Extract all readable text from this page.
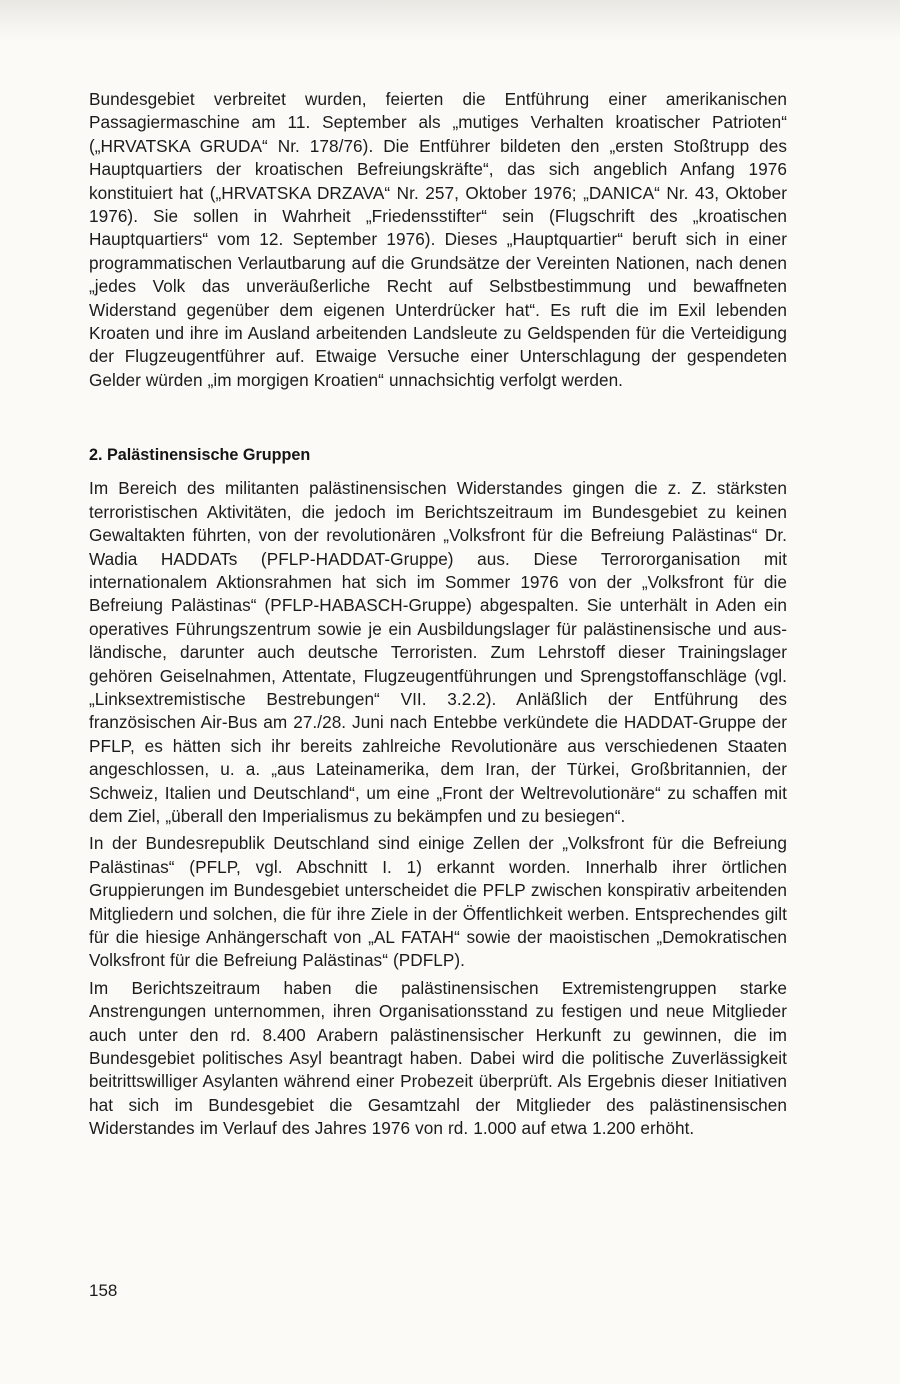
Bundesgebiet verbreitet wurden, feierten die Entführung einer amerikanischen Passagiermaschine am 11. September als „mutiges Verhalten kroatischer Patrioten“ („HRVATSKA GRUDA“ Nr. 178/76). Die Entführer bildeten den „ersten Stoßtrupp des Hauptquartiers der kroatischen Befreiungskräfte“, das sich angeblich Anfang 1976 konstituiert hat („HRVATSKA DRZAVA“ Nr. 257, Oktober 1976; „DANICA“ Nr. 43, Oktober 1976). Sie sollen in Wahrheit „Friedensstifter“ sein (Flugschrift des „kroatischen Hauptquartiers“ vom 12. September 1976). Dieses „Hauptquartier“ beruft sich in einer programmatischen Verlautbarung auf die Grundsätze der Vereinten Nationen, nach denen „jedes Volk das unveräußerliche Recht auf Selbstbestimmung und bewaffneten Widerstand gegenüber dem eigenen Unterdrücker hat“. Es ruft die im Exil lebenden Kroaten und ihre im Ausland arbeitenden Landsleute zu Geldspenden für die Verteidigung der Flugzeugentführer auf. Etwaige Versuche einer Unterschlagung der gespendeten Gelder würden „im morgigen Kroatien“ unnachsichtig verfolgt werden.

2. Palästinensische Gruppen

Im Bereich des militanten palästinensischen Widerstandes gingen die z. Z. stärksten terroristischen Aktivitäten, die jedoch im Berichtszeitraum im Bundesgebiet zu keinen Gewaltakten führten, von der revolutionären „Volksfront für die Befreiung Palästinas“ Dr. Wadia HADDATs (PFLP-HADDAT-Gruppe) aus. Diese Terrororganisation mit internationalem Aktionsrahmen hat sich im Sommer 1976 von der „Volksfront für die Befreiung Palästinas“ (PFLP-HABASCH-Gruppe) abgespalten. Sie unterhält in Aden ein operatives Führungszentrum sowie je ein Ausbildungslager für palästinensische und ausländische, darunter auch deutsche Terroristen. Zum Lehrstoff dieser Trainingslager gehören Geiselnahmen, Attentate, Flugzeugentführungen und Sprengstoffanschläge (vgl. „Linksextremistische Bestrebungen“ VII. 3.2.2). Anläßlich der Entführung des französischen Air-Bus am 27./28. Juni nach Entebbe verkündete die HADDAT-Gruppe der PFLP, es hätten sich ihr bereits zahlreiche Revolutionäre aus verschiedenen Staaten angeschlossen, u. a. „aus Lateinamerika, dem Iran, der Türkei, Großbritannien, der Schweiz, Italien und Deutschland“, um eine „Front der Weltrevolutionäre“ zu schaffen mit dem Ziel, „überall den Imperialismus zu bekämpfen und zu besiegen“.

In der Bundesrepublik Deutschland sind einige Zellen der „Volksfront für die Befreiung Palästinas“ (PFLP, vgl. Abschnitt I. 1) erkannt worden. Innerhalb ihrer örtlichen Gruppierungen im Bundesgebiet unterscheidet die PFLP zwischen konspirativ arbeitenden Mitgliedern und solchen, die für ihre Ziele in der Öffentlichkeit werben. Entsprechendes gilt für die hiesige Anhängerschaft von „AL FATAH“ sowie der maoistischen „Demokratischen Volksfront für die Befreiung Palästinas“ (PDFLP).

Im Berichtszeitraum haben die palästinensischen Extremistengruppen starke Anstrengungen unternommen, ihren Organisationsstand zu festigen und neue Mitglieder auch unter den rd. 8.400 Arabern palästinensischer Herkunft zu gewinnen, die im Bundesgebiet politisches Asyl beantragt haben. Dabei wird die politische Zuverlässigkeit beitrittswilliger Asylanten während einer Probezeit überprüft. Als Ergebnis dieser Initiativen hat sich im Bundesgebiet die Gesamtzahl der Mitglieder des palästinensischen Widerstandes im Verlauf des Jahres 1976 von rd. 1.000 auf etwa 1.200 erhöht.

158
